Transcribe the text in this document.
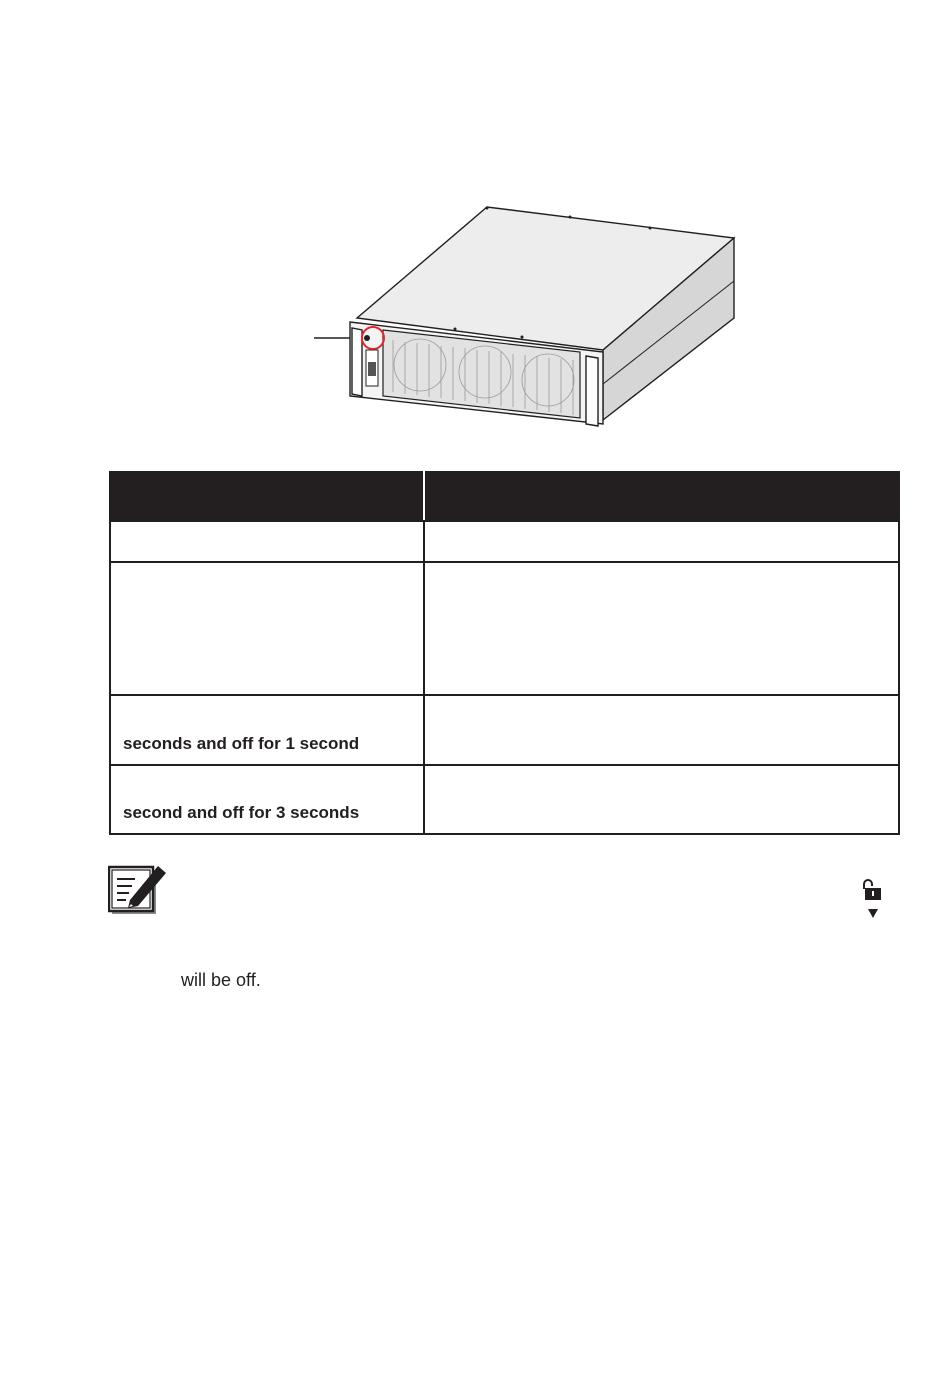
seconds and off for 1 second	
second and off for 3 seconds	

will be off.
